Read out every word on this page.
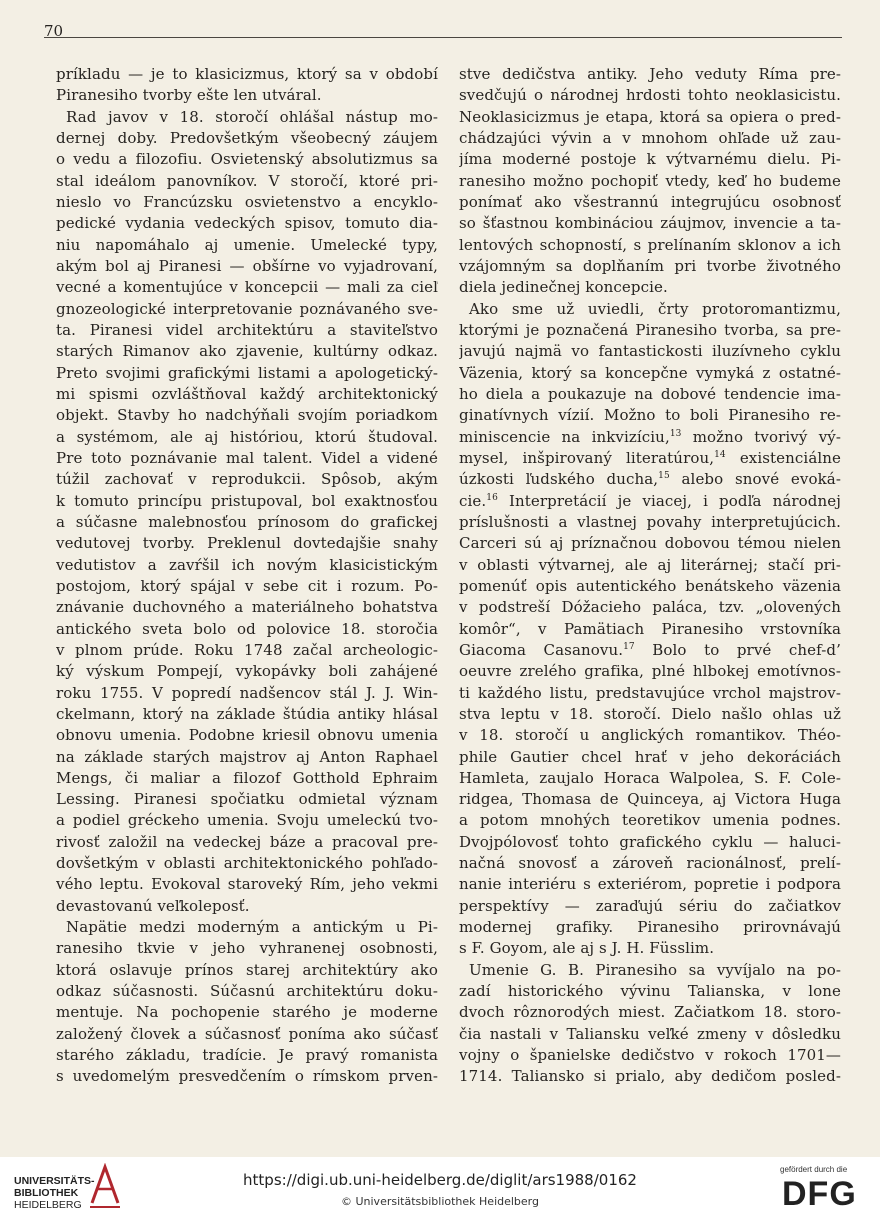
70
príkladu — je to klasicizmus, ktorý sa v období
Piranesiho tvorby ešte len utváral.
Rad javov v 18. storočí ohlášal nástup mo-
dernej doby. Predovšetkým všeobecný záujem
o vedu a filozofiu. Osvietenský absolutizmus sa
stal ideálom panovníkov. V storočí, ktoré pri-
nieslo vo Francúzsku osvietenstvo a encyklo-
pedické vydania vedeckých spisov, tomuto dia-
niu napomáhalo aj umenie. Umelecké typy,
akým bol aj Piranesi — obšírne vo vyjadrovaní,
vecné a komentujúce v koncepcii — mali za cieľ
gnozeologické interpretovanie poznávaného sve-
ta. Piranesi videl architektúru a staviteľstvo
starých Rimanov ako zjavenie, kultúrny odkaz.
Preto svojimi grafickými listami a apologetický-
mi spismi ozvláštňoval každý architektonický
objekt. Stavby ho nadchýňali svojím poriadkom
a systémom, ale aj históriou, ktorú študoval.
Pre toto poznávanie mal talent. Videl a videné
túžil zachovať v reprodukcii. Spôsob, akým
k tomuto princípu pristupoval, bol exaktnosťou
a súčasne malebnosťou prínosom do grafickej
vedutovej tvorby. Preklenul dovtedajšie snahy
vedutistov a zavŕšil ich novým klasicistickým
postojom, ktorý spájal v sebe cit i rozum. Po-
znávanie duchovného a materiálneho bohatstva
antického sveta bolo od polovice 18. storočia
v plnom prúde. Roku 1748 začal archeologic-
ký výskum Pompejí, vykopávky boli zahájené
roku 1755. V popredí nadšencov stál J. J. Win-
ckelmann, ktorý na základe štúdia antiky hlásal
obnovu umenia. Podobne kriesil obnovu umenia
na základe starých majstrov aj Anton Raphael
Mengs, či maliar a filozof Gotthold Ephraim
Lessing. Piranesi spočiatku odmietal význam
a podiel gréckeho umenia. Svoju umeleckú tvo-
rivosť založil na vedeckej báze a pracoval pre-
dovšetkým v oblasti architektonického pohľado-
vého leptu. Evokoval staroveký Rím, jeho vekmi
devastovanú veľkoleposť.
Napätie medzi moderným a antickým u Pi-
ranesiho tkvie v jeho vyhranenej osobnosti,
ktorá oslavuje prínos starej architektúry ako
odkaz súčasnosti. Súčasnú architektúru doku-
mentuje. Na pochopenie starého je moderne
založený človek a súčasnosť poníma ako súčasť
starého základu, tradície. Je pravý romanista
s uvedomelým presvedčením o rímskom prven-
stve dedičstva antiky. Jeho veduty Ríma pre-
svedčujú o národnej hrdosti tohto neoklasicistu.
Neoklasicizmus je etapa, ktorá sa opiera o pred-
chádzajúci vývin a v mnohom ohľade už zau-
jíma moderné postoje k výtvarnému dielu. Pi-
ranesiho možno pochopiť vtedy, keď ho budeme
ponímať ako všestrannú integrujúcu osobnosť
so šťastnou kombináciou záujmov, invencie a ta-
lentových schopností, s prelínaním sklonov a ich
vzájomným sa doplňaním pri tvorbe životného
diela jedinečnej koncepcie.
Ako sme už uviedli, črty protoromantizmu,
ktorými je poznačená Piranesiho tvorba, sa pre-
javujú najmä vo fantastickosti iluzívneho cyklu
Väzenia, ktorý sa koncepčne vymyká z ostatné-
ho diela a poukazuje na dobové tendencie ima-
ginatívnych vízií. Možno to boli Piranesiho re-
miniscencie na inkvizíciu,$^{13}$ možno tvorivý vý-
mysel, inšpirovaný literatúrou,$^{14}$ existenciálne
úzkosti ľudského ducha,$^{15}$ alebo snové evoká-
cie.$^{16}$ Interpretácií je viacej, i podľa národnej
príslušnosti a vlastnej povahy interpretujúcich.
Carceri sú aj príznačnou dobovou témou nielen
v oblasti výtvarnej, ale aj literárnej; stačí pri-
pomenúť opis autentického benátskeho väzenia
v podstreší Dóžacieho paláca, tzv. „olovených
komôr“, v Pamätiach Piranesiho vrstovníka
Giacoma Casanovu.$^{17}$ Bolo to prvé chef-d’
oeuvre zrelého grafika, plné hlbokej emotívnos-
ti každého listu, predstavujúce vrchol majstrov-
stva leptu v 18. storočí. Dielo našlo ohlas už
v 18. storočí u anglických romantikov. Théo-
phile Gautier chcel hrať v jeho dekoráciách
Hamleta, zaujalo Horaca Walpolea, S. F. Cole-
ridgea, Thomasa de Quinceya, aj Victora Huga
a potom mnohých teoretikov umenia podnes.
Dvojpólovosť tohto grafického cyklu — haluci-
načná snovosť a zároveň racionálnosť, prelí-
nanie interiéru s exteriérom, popretie i podpora
perspektívy — zaraďujú sériu do začiatkov
modernej grafiky. Piranesiho prirovnávajú
s F. Goyom, ale aj s J. H. Füsslim.
Umenie G. B. Piranesiho sa vyvíjalo na po-
zadí historického vývinu Talianska, v lone
dvoch rôznorodých miest. Začiatkom 18. storo-
čia nastali v Taliansku veľké zmeny v dôsledku
vojny o španielske dedičstvo v rokoch 1701—
1714. Taliansko si prialo, aby dedičom posled-
UNIVERSITÄTS-
BIBLIOTHEK
HEIDELBERG
https://digi.ub.uni-heidelberg.de/diglit/ars1988/0162
© Universitätsbibliothek Heidelberg
gefördert durch die
DFG
